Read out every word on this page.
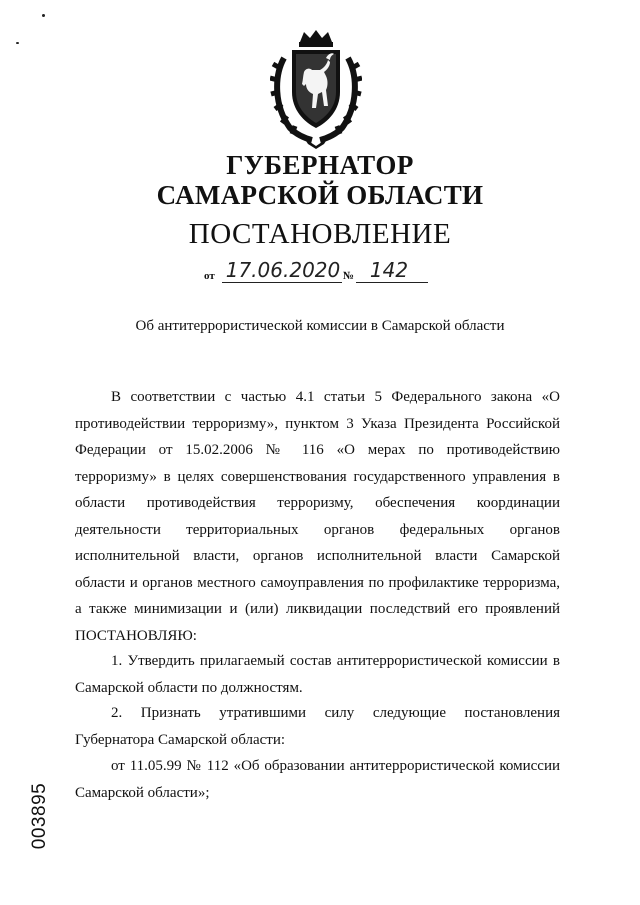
ГУБЕРНАТОР
САМАРСКОЙ ОБЛАСТИ
ПОСТАНОВЛЕНИЕ
от 17.06.2020 № 142
Об антитеррористической комиссии в Самарской области

В соответствии с частью 4.1 статьи 5 Федерального закона «О противодействии терроризму», пунктом 3 Указа Президента Российской Федерации от 15.02.2006 № 116 «О мерах по противодействию терроризму» в целях совершенствования государственного управления в области противодействия терроризму, обеспечения координации деятельности территориальных органов федеральных органов исполнительной власти, органов исполнительной власти Самарской области и органов местного самоуправления по профилактике терроризма, а также минимизации и (или) ликвидации последствий его проявлений ПОСТАНОВЛЯЮ:

1. Утвердить прилагаемый состав антитеррористической комиссии в Самарской области по должностям.

2. Признать утратившими силу следующие постановления Губернатора Самарской области:

от 11.05.99 № 112 «Об образовании антитеррористической комиссии Самарской области»;

003895
